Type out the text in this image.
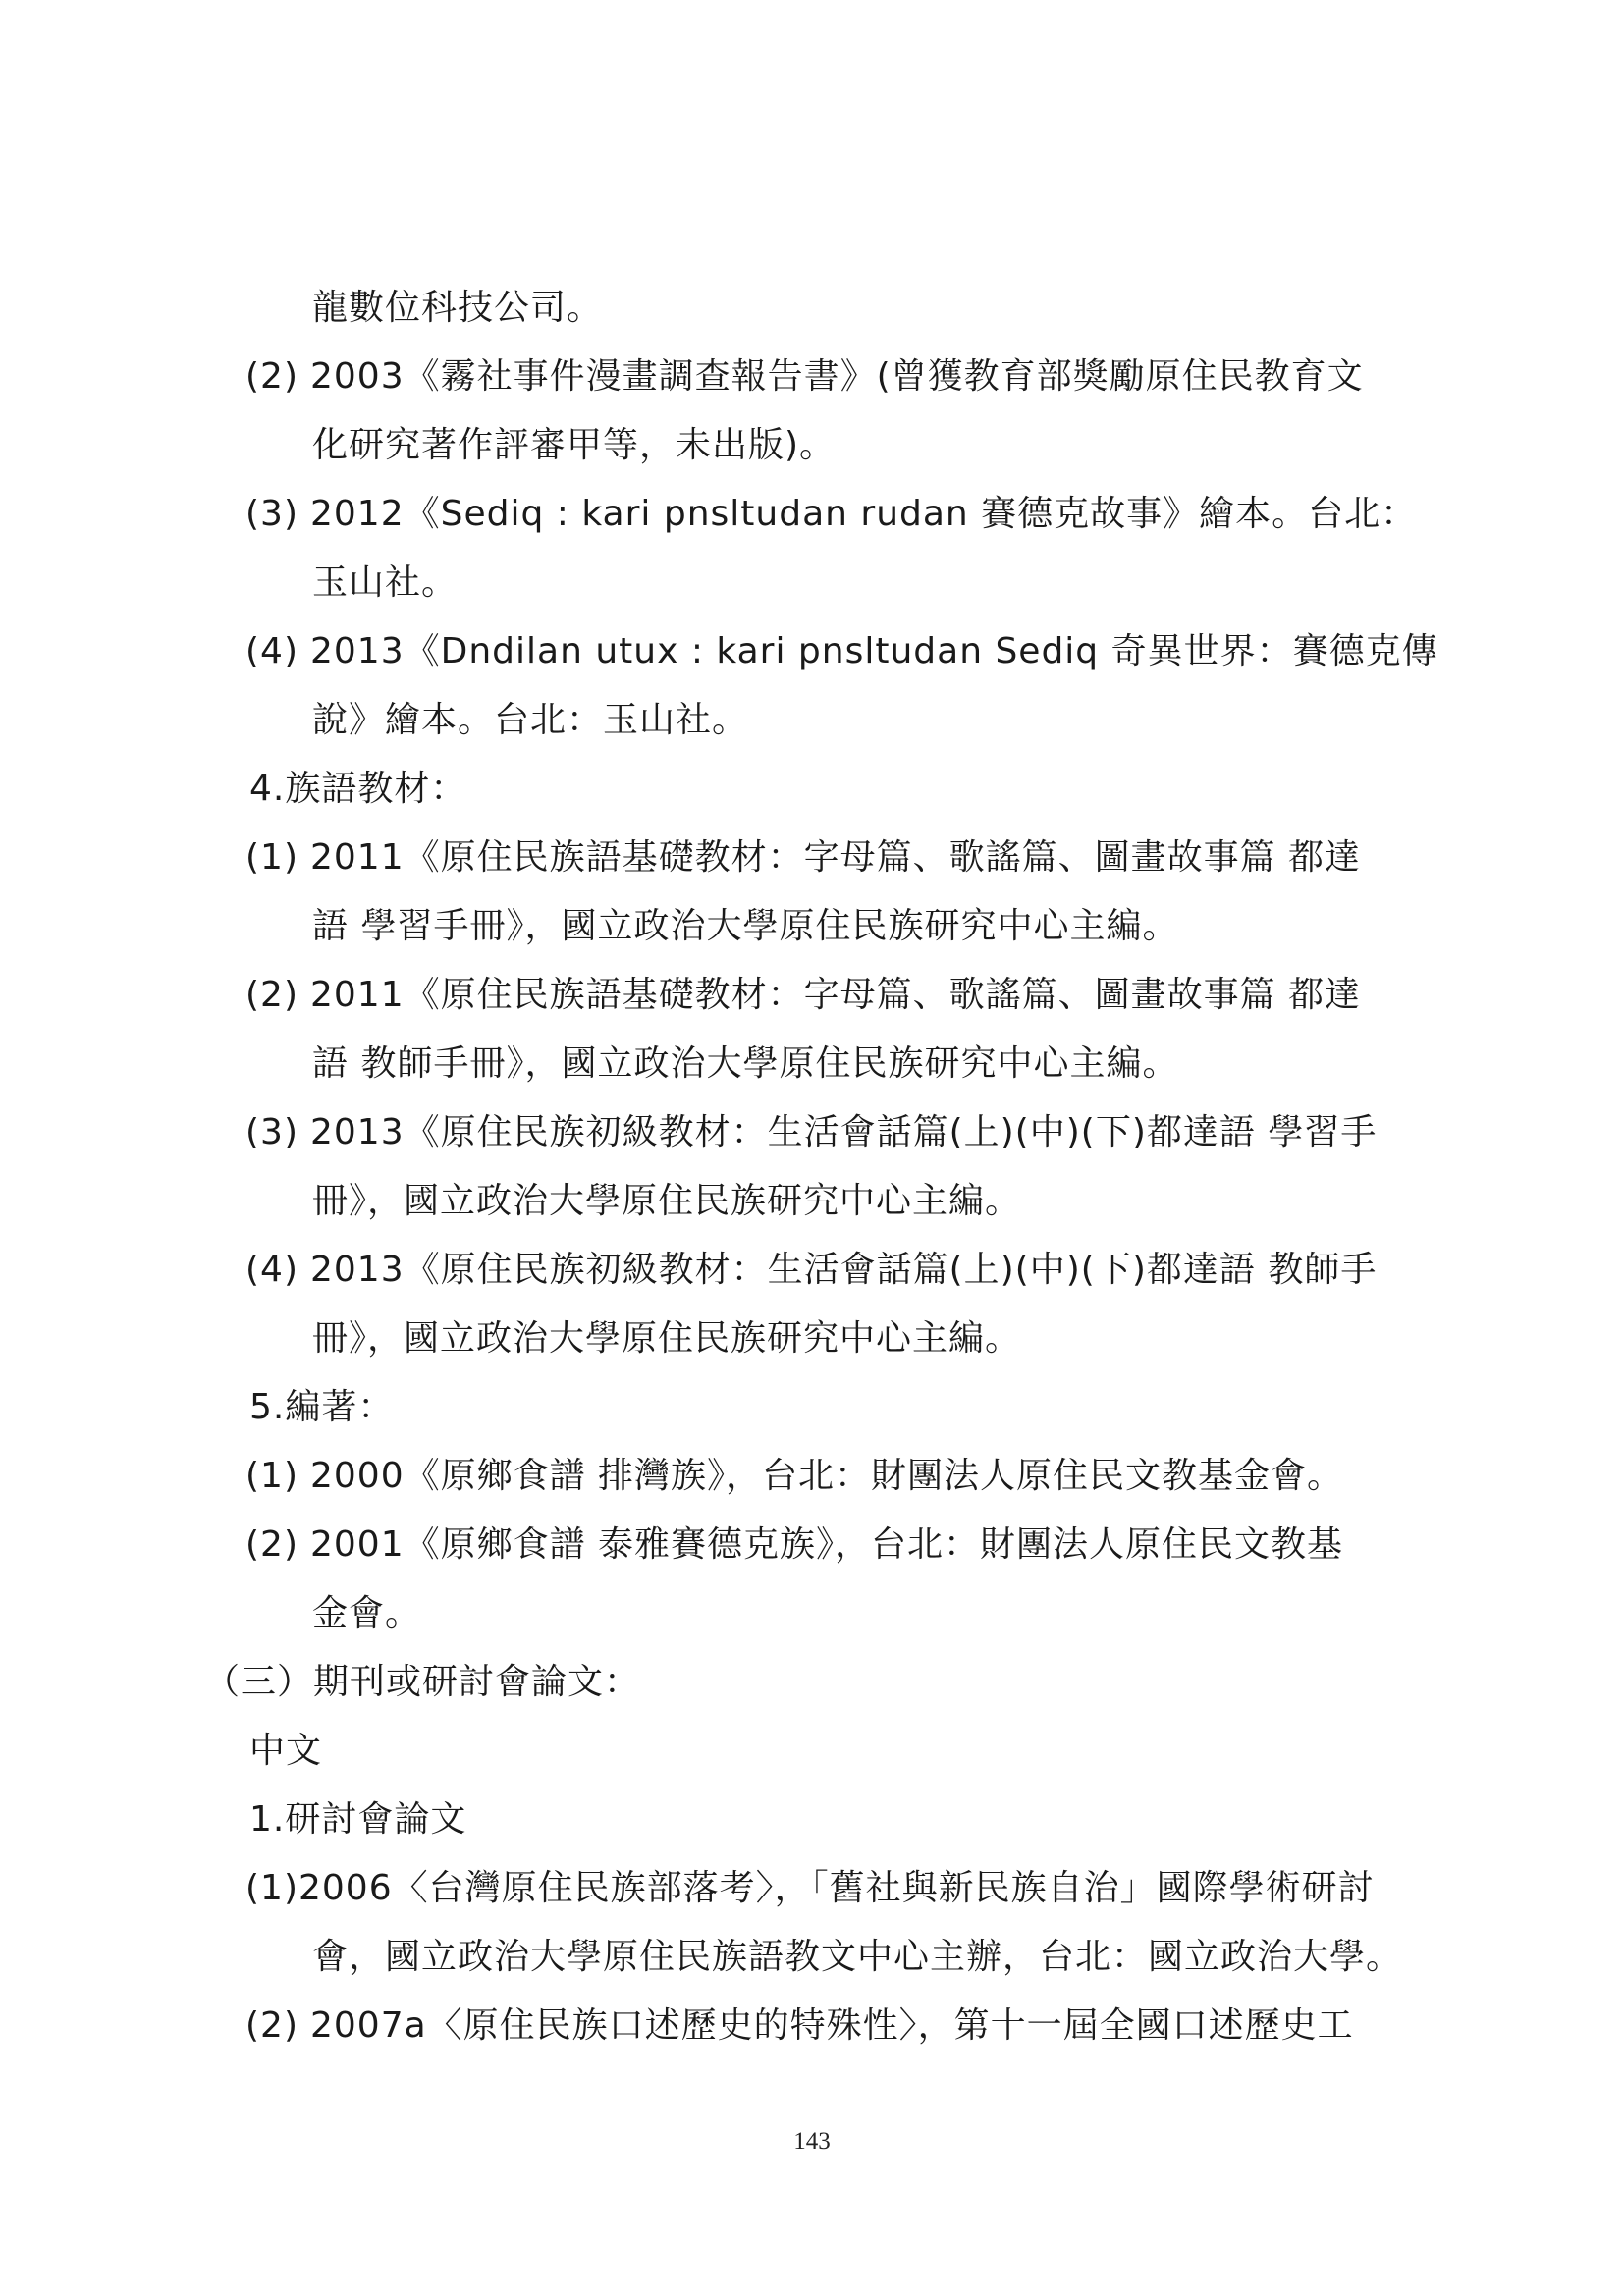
龍數位科技公司。
(2) 2003《霧社事件漫畫調查報告書》(曾獲教育部獎勵原住民教育文
化研究著作評審甲等，未出版)。
(3) 2012《Sediq : kari pnsltudan rudan 賽德克故事》繪本。台北：
玉山社。
(4) 2013《Dndilan utux : kari pnsltudan Sediq 奇異世界：賽德克傳
說》繪本。台北：玉山社。
4.族語教材：
(1) 2011《原住民族語基礎教材：字母篇、歌謠篇、圖畫故事篇 都達
語 學習手冊》，國立政治大學原住民族研究中心主編。
(2) 2011《原住民族語基礎教材：字母篇、歌謠篇、圖畫故事篇 都達
語 教師手冊》，國立政治大學原住民族研究中心主編。
(3) 2013《原住民族初級教材：生活會話篇(上)(中)(下)都達語 學習手
冊》，國立政治大學原住民族研究中心主編。
(4) 2013《原住民族初級教材：生活會話篇(上)(中)(下)都達語 教師手
冊》，國立政治大學原住民族研究中心主編。
5.編著：
(1) 2000《原鄉食譜 排灣族》，台北：財團法人原住民文教基金會。
(2) 2001《原鄉食譜 泰雅賽德克族》，台北：財團法人原住民文教基
金會。
（三）期刊或研討會論文：
中文
1.研討會論文
(1)2006〈台灣原住民族部落考〉，「舊社與新民族自治」國際學術研討
會，國立政治大學原住民族語教文中心主辦，台北：國立政治大學。
(2) 2007a〈原住民族口述歷史的特殊性〉，第十一屆全國口述歷史工
143
